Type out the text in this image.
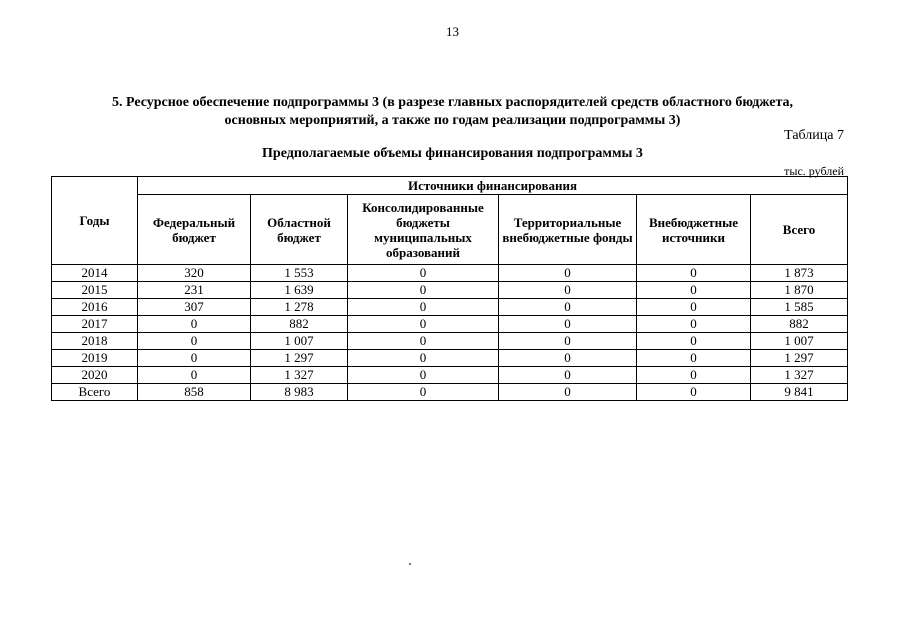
13
5. Ресурсное обеспечение подпрограммы 3 (в разрезе главных распорядителей средств областного бюджета,
основных мероприятий, а также по годам реализации подпрограммы 3)
Таблица 7
Предполагаемые объемы финансирования подпрограммы 3
тыс. рублей
Годы	Источники финансирования					
	Федеральный бюджет	Областной бюджет	Консолидированные бюджеты муниципальных образований	Территориальные внебюджетные фонды	Внебюджетные источники	Всего
2014	320	1 553	0	0	0	1 873
2015	231	1 639	0	0	0	1 870
2016	307	1 278	0	0	0	1 585
2017	0	882	0	0	0	882
2018	0	1 007	0	0	0	1 007
2019	0	1 297	0	0	0	1 297
2020	0	1 327	0	0	0	1 327
Всего	858	8 983	0	0	0	9 841
